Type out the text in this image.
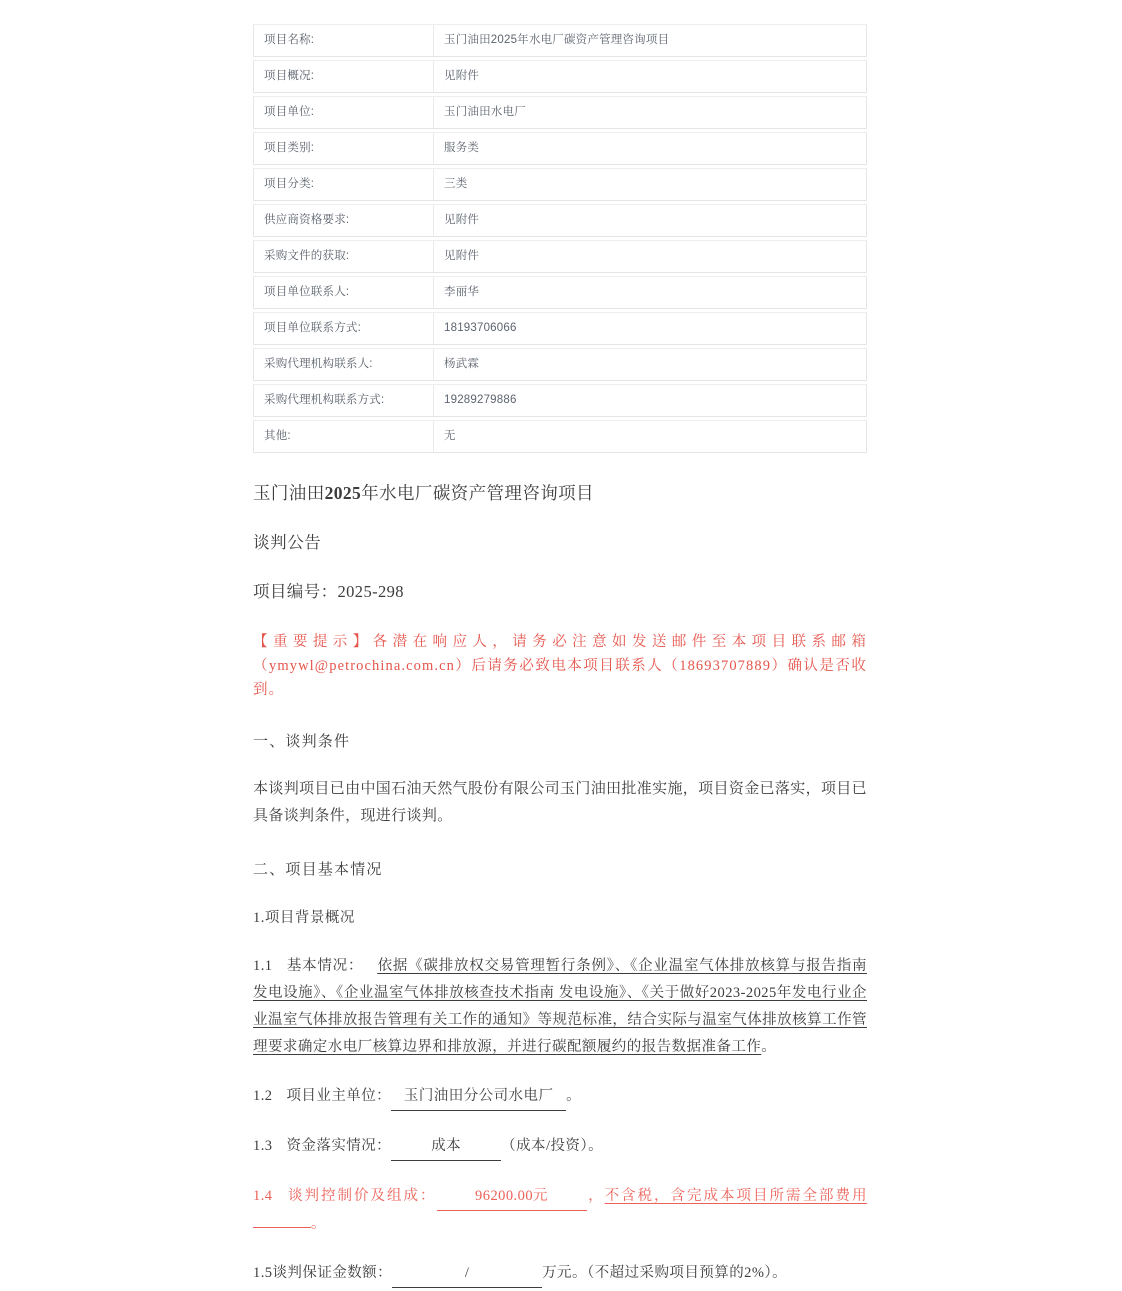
项目名称:	玉门油田2025年水电厂碳资产管理咨询项目
项目概况:	见附件
项目单位:	玉门油田水电厂
项目类别:	服务类
项目分类:	三类
供应商资格要求:	见附件
采购文件的获取:	见附件
项目单位联系人:	李丽华
项目单位联系方式:	18193706066
采购代理机构联系人:	杨武霖
采购代理机构联系方式:	19289279886
其他:	无
玉门油田2025年水电厂碳资产管理咨询项目
谈判公告
项目编号：2025-298
【重要提示】各潜在响应人，请务必注意如发送邮件至本项目联系邮箱（ymywl@petrochina.com.cn）后请务必致电本项目联系人（18693707889）确认是否收到。
一、谈判条件
本谈判项目已由中国石油天然气股份有限公司玉门油田批准实施，项目资金已落实，项目已具备谈判条件，现进行谈判。
二、项目基本情况
1.项目背景概况
1.1 基本情况： 依据《碳排放权交易管理暂行条例》、《企业温室气体排放核算与报告指南 发电设施》、《企业温室气体排放核查技术指南 发电设施》、《关于做好2023-2025年发电行业企业温室气体排放报告管理有关工作的通知》等规范标准，结合实际与温室气体排放核算工作管理要求确定水电厂核算边界和排放源，并进行碳配额履约的报告数据准备工作。
1.2 项目业主单位： 玉门油田分公司水电厂 。
1.3 资金落实情况：	成本	（成本/投资）。
1.4 谈判控制价及组成：	96200.00元	，不含税，含完成本项目所需全部费用。
1.5谈判保证金数额：	/	万元。（不超过采购项目预算的2%）。
